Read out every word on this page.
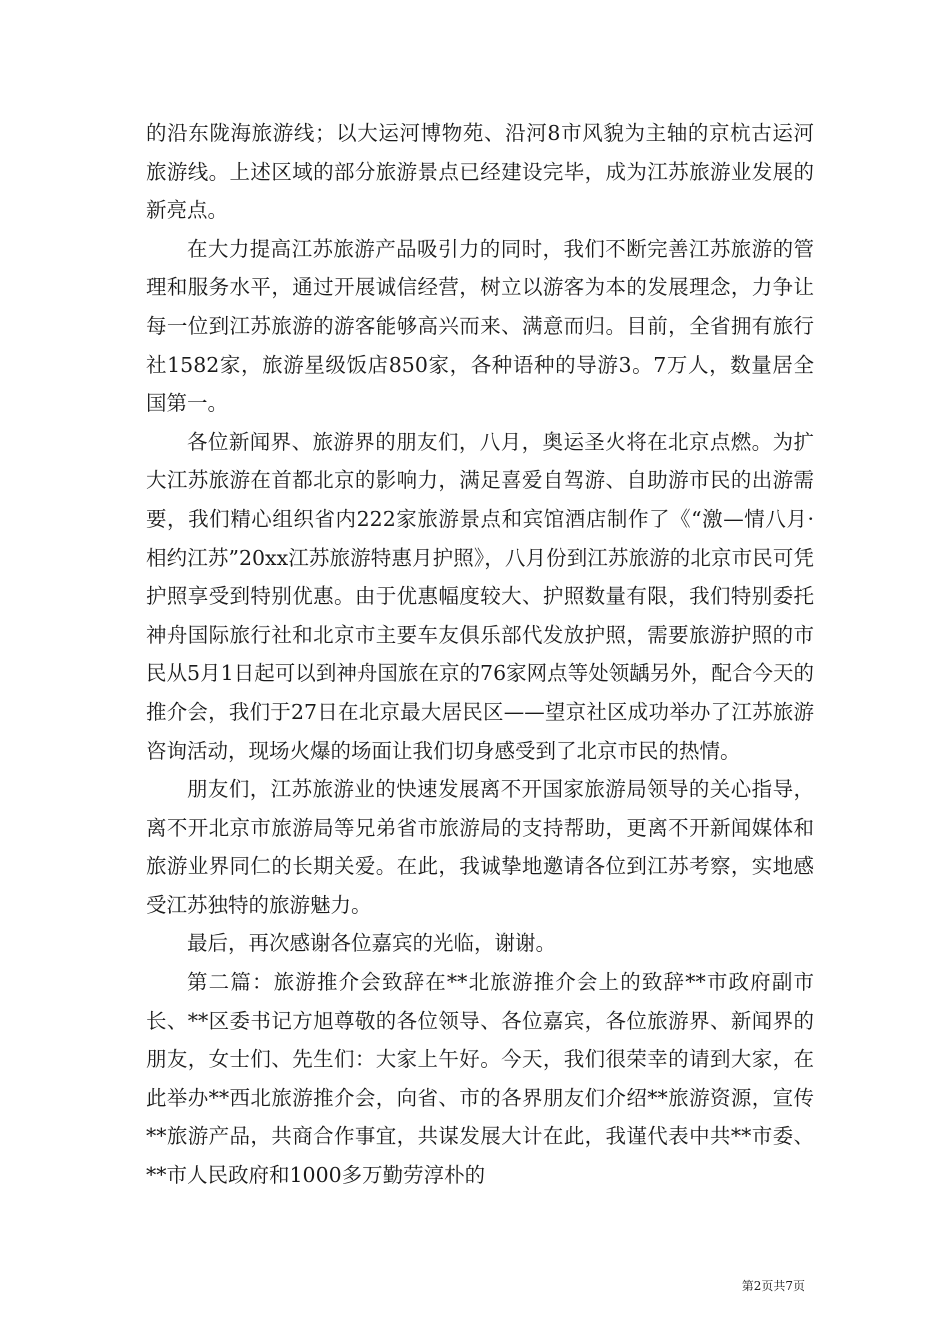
的沿东陇海旅游线；以大运河博物苑、沿河8市风貌为主轴的京杭古运河旅游线。上述区域的部分旅游景点已经建设完毕，成为江苏旅游业发展的新亮点。

在大力提高江苏旅游产品吸引力的同时，我们不断完善江苏旅游的管理和服务水平，通过开展诚信经营，树立以游客为本的发展理念，力争让每一位到江苏旅游的游客能够高兴而来、满意而归。目前，全省拥有旅行社1582家，旅游星级饭店850家，各种语种的导游3。7万人，数量居全国第一。

各位新闻界、旅游界的朋友们，八月，奥运圣火将在北京点燃。为扩大江苏旅游在首都北京的影响力，满足喜爱自驾游、自助游市民的出游需要，我们精心组织省内222家旅游景点和宾馆酒店制作了《“激—情八月·相约江苏”20xx江苏旅游特惠月护照》，八月份到江苏旅游的北京市民可凭护照享受到特别优惠。由于优惠幅度较大、护照数量有限，我们特别委托神舟国际旅行社和北京市主要车友俱乐部代发放护照，需要旅游护照的市民从5月1日起可以到神舟国旅在京的76家网点等处领龋另外，配合今天的推介会，我们于27日在北京最大居民区——望京社区成功举办了江苏旅游咨询活动，现场火爆的场面让我们切身感受到了北京市民的热情。

朋友们，江苏旅游业的快速发展离不开国家旅游局领导的关心指导，离不开北京市旅游局等兄弟省市旅游局的支持帮助，更离不开新闻媒体和旅游业界同仁的长期关爱。在此，我诚挚地邀请各位到江苏考察，实地感受江苏独特的旅游魅力。

最后，再次感谢各位嘉宾的光临，谢谢。

第二篇：旅游推介会致辞在**北旅游推介会上的致辞**市政府副市长、**区委书记方旭尊敬的各位领导、各位嘉宾，各位旅游界、新闻界的朋友，女士们、先生们：大家上午好。今天，我们很荣幸的请到大家，在此举办**西北旅游推介会，向省、市的各界朋友们介绍**旅游资源，宣传**旅游产品，共商合作事宜，共谋发展大计在此，我谨代表中共**市委、**市人民政府和1000多万勤劳淳朴的

第2页共7页
